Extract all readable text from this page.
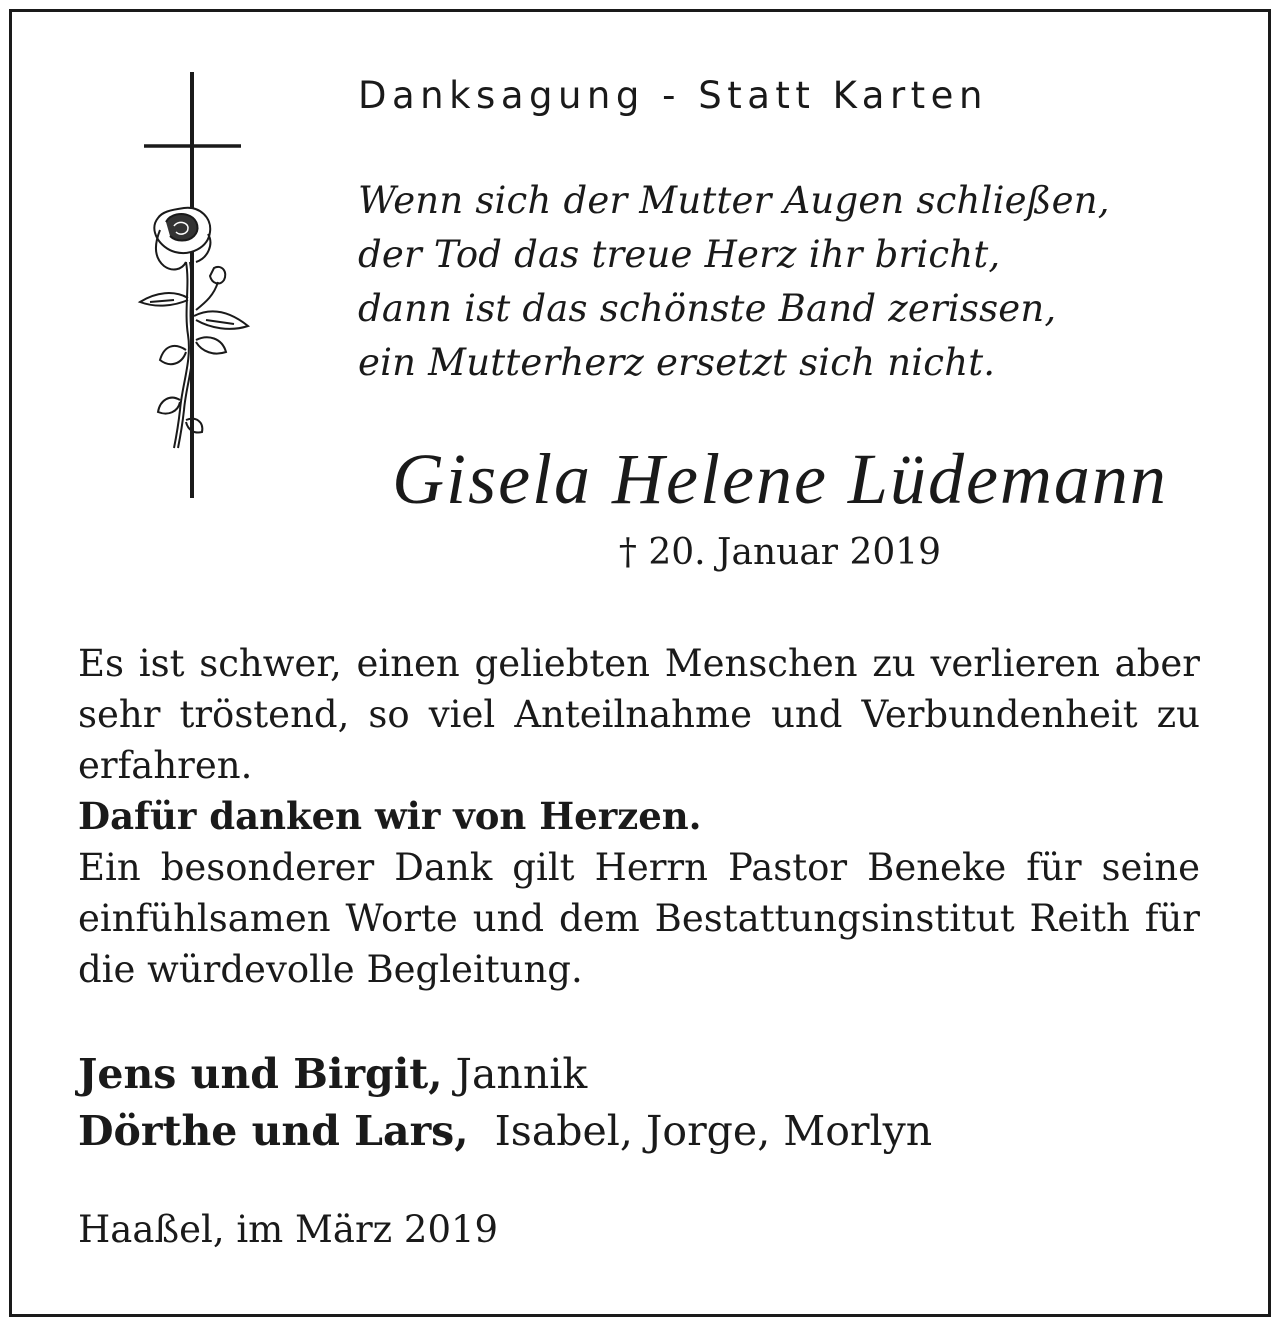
Danksagung - Statt Karten
Wenn sich der Mutter Augen schließen,
der Tod das treue Herz ihr bricht,
dann ist das schönste Band zerissen,
ein Mutterherz ersetzt sich nicht.
Gisela Helene Lüdemann
† 20. Januar 2019
Es ist schwer, einen geliebten Menschen zu verlieren aber sehr tröstend, so viel Anteilnahme und Verbundenheit zu erfahren.
Dafür danken wir von Herzen.
Ein besonderer Dank gilt Herrn Pastor Beneke für seine einfühlsamen Worte und dem Bestattungsinstitut Reith für die würdevolle Begleitung.
Jens und Birgit, Jannik
Dörthe und Lars,  Isabel, Jorge, Morlyn
Haaßel, im März 2019
